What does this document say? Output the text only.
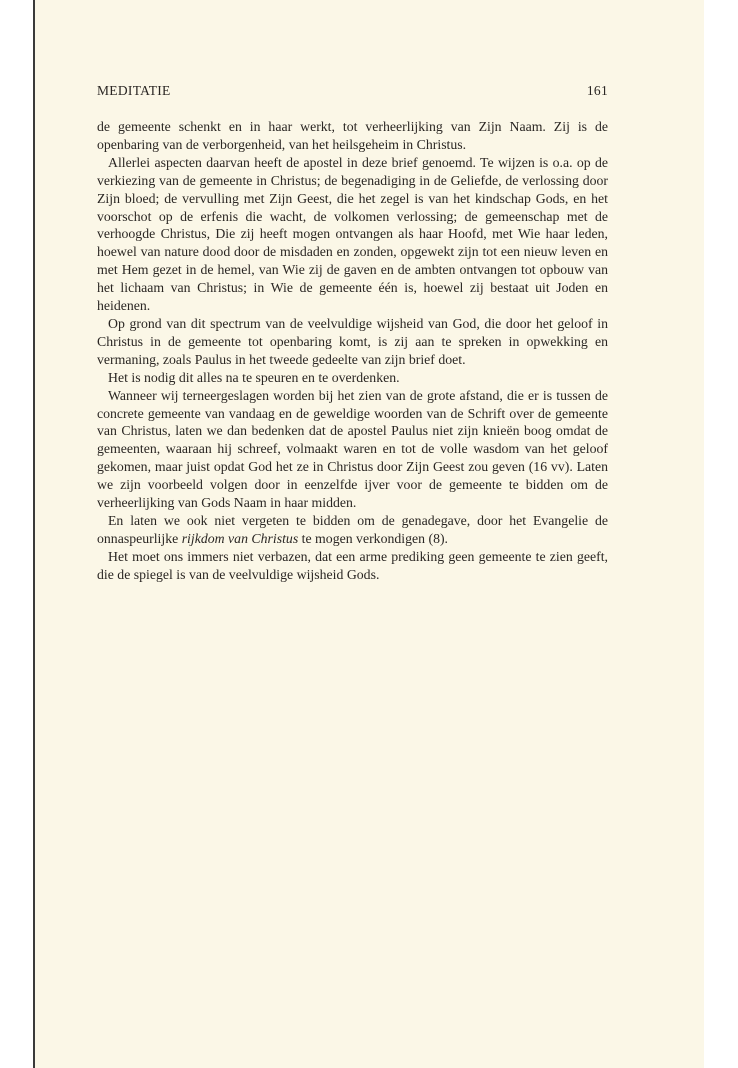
MEDITATIE	161

de gemeente schenkt en in haar werkt, tot verheerlijking van Zijn Naam. Zij is de openbaring van de verborgenheid, van het heilsgeheim in Christus.

Allerlei aspecten daarvan heeft de apostel in deze brief genoemd. Te wijzen is o.a. op de verkiezing van de gemeente in Christus; de begenadiging in de Geliefde, de verlossing door Zijn bloed; de vervulling met Zijn Geest, die het zegel is van het kindschap Gods, en het voorschot op de erfenis die wacht, de volkomen verlossing; de gemeenschap met de verhoogde Christus, Die zij heeft mogen ontvangen als haar Hoofd, met Wie haar leden, hoewel van nature dood door de misdaden en zonden, opgewekt zijn tot een nieuw leven en met Hem gezet in de hemel, van Wie zij de gaven en de ambten ontvangen tot opbouw van het lichaam van Christus; in Wie de gemeente één is, hoewel zij bestaat uit Joden en heidenen.

Op grond van dit spectrum van de veelvuldige wijsheid van God, die door het geloof in Christus in de gemeente tot openbaring komt, is zij aan te spreken in opwekking en vermaning, zoals Paulus in het tweede gedeelte van zijn brief doet.

Het is nodig dit alles na te speuren en te overdenken.

Wanneer wij terneergeslagen worden bij het zien van de grote afstand, die er is tussen de concrete gemeente van vandaag en de geweldige woorden van de Schrift over de gemeente van Christus, laten we dan bedenken dat de apostel Paulus niet zijn knieën boog omdat de gemeenten, waaraan hij schreef, volmaakt waren en tot de volle wasdom van het geloof gekomen, maar juist opdat God het ze in Christus door Zijn Geest zou geven (16 vv). Laten we zijn voorbeeld volgen door in eenzelfde ijver voor de gemeente te bidden om de verheerlijking van Gods Naam in haar midden.

En laten we ook niet vergeten te bidden om de genadegave, door het Evangelie de onnaspeurlijke rijkdom van Christus te mogen verkondigen (8).

Het moet ons immers niet verbazen, dat een arme prediking geen gemeente te zien geeft, die de spiegel is van de veelvuldige wijsheid Gods.
